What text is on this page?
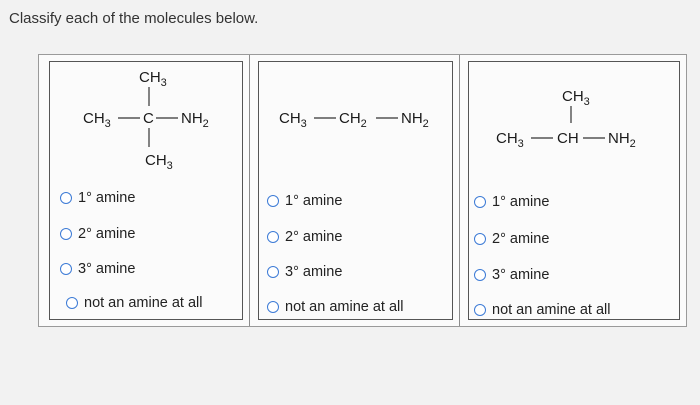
Classify each of the molecules below.
$CH_3$
$CH_3$ C $NH_2$
$CH_3$
1° amine
2° amine
3° amine
not an amine at all
$CH_3$ $CH_2$ $NH_2$
1° amine
2° amine
3° amine
not an amine at all
$CH_3$
$CH_3$ CH $NH_2$
1° amine
2° amine
3° amine
not an amine at all
